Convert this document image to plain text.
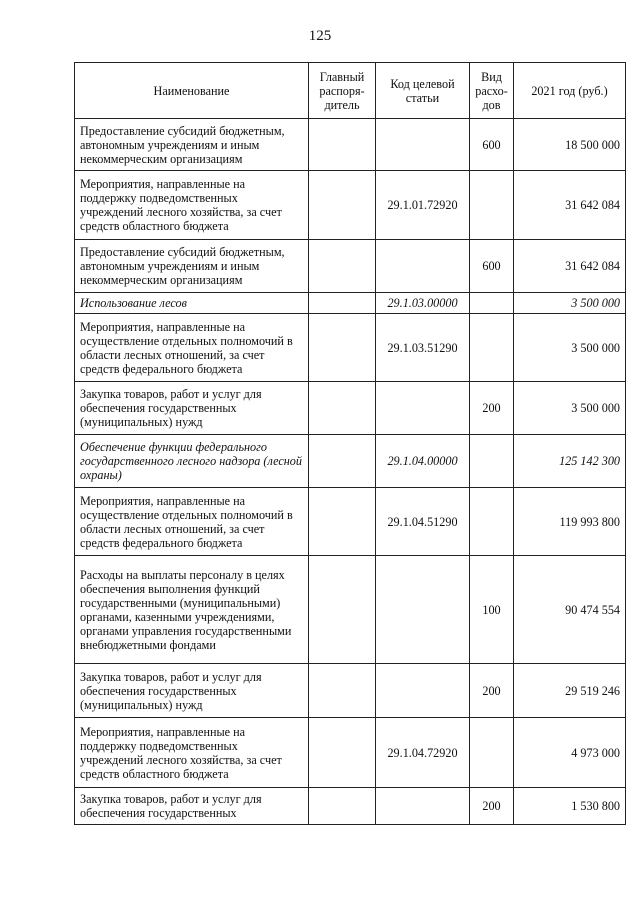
125
Наименование	Главный распоря-дитель	Код целевой статьи	Вид расхо-дов	2021 год (руб.)
Предоставление субсидий бюджетным, автономным учреждениям и иным некоммерческим организациям			600	18 500 000
Мероприятия, направленные на поддержку подведомственных учреждений лесного хозяйства, за счет средств областного бюджета		29.1.01.72920		31 642 084
Предоставление субсидий бюджетным, автономным учреждениям и иным некоммерческим организациям			600	31 642 084
Использование лесов		29.1.03.00000		3 500 000
Мероприятия, направленные на осуществление отдельных полномочий в области лесных отношений, за счет средств федерального бюджета		29.1.03.51290		3 500 000
Закупка товаров, работ и услуг для обеспечения государственных (муниципальных) нужд			200	3 500 000
Обеспечение функции федерального государственного лесного надзора (лесной охраны)		29.1.04.00000		125 142 300
Мероприятия, направленные на осуществление отдельных полномочий в области лесных отношений, за счет средств федерального бюджета		29.1.04.51290		119 993 800
Расходы на выплаты персоналу в целях обеспечения выполнения функций государственными (муниципальными) органами, казенными учреждениями, органами управления государственными внебюджетными фондами			100	90 474 554
Закупка товаров, работ и услуг для обеспечения государственных (муниципальных) нужд			200	29 519 246
Мероприятия, направленные на поддержку подведомственных учреждений лесного хозяйства, за счет средств областного бюджета		29.1.04.72920		4 973 000
Закупка товаров, работ и услуг для обеспечения государственных			200	1 530 800
